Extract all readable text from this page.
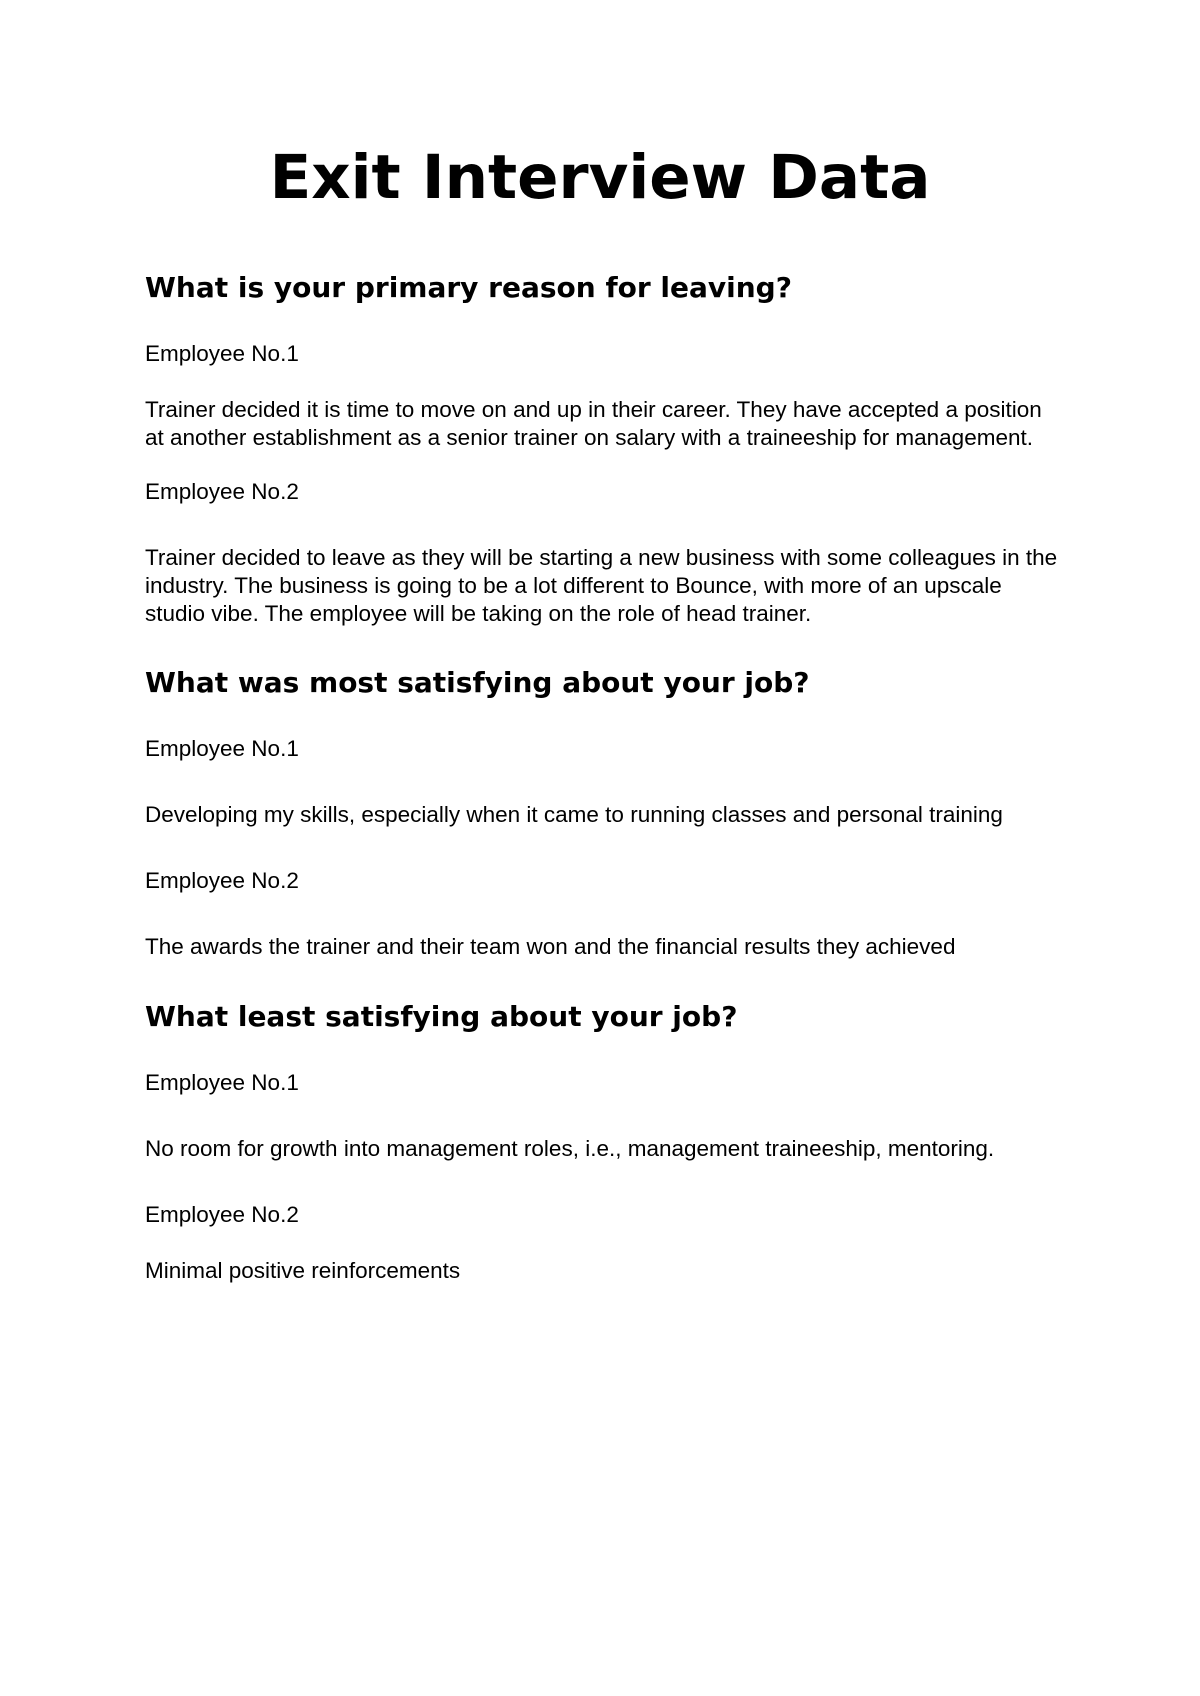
Exit Interview Data
What is your primary reason for leaving?

Employee No.1

Trainer decided it is time to move on and up in their career. They have accepted a position at another establishment as a senior trainer on salary with a traineeship for management.

Employee No.2

Trainer decided to leave as they will be starting a new business with some colleagues in the industry. The business is going to be a lot different to Bounce, with more of an upscale studio vibe. The employee will be taking on the role of head trainer.

What was most satisfying about your job?

Employee No.1

Developing my skills, especially when it came to running classes and personal training

Employee No.2

The awards the trainer and their team won and the financial results they achieved

What least satisfying about your job?

Employee No.1

No room for growth into management roles, i.e., management traineeship, mentoring.

Employee No.2

Minimal positive reinforcements
